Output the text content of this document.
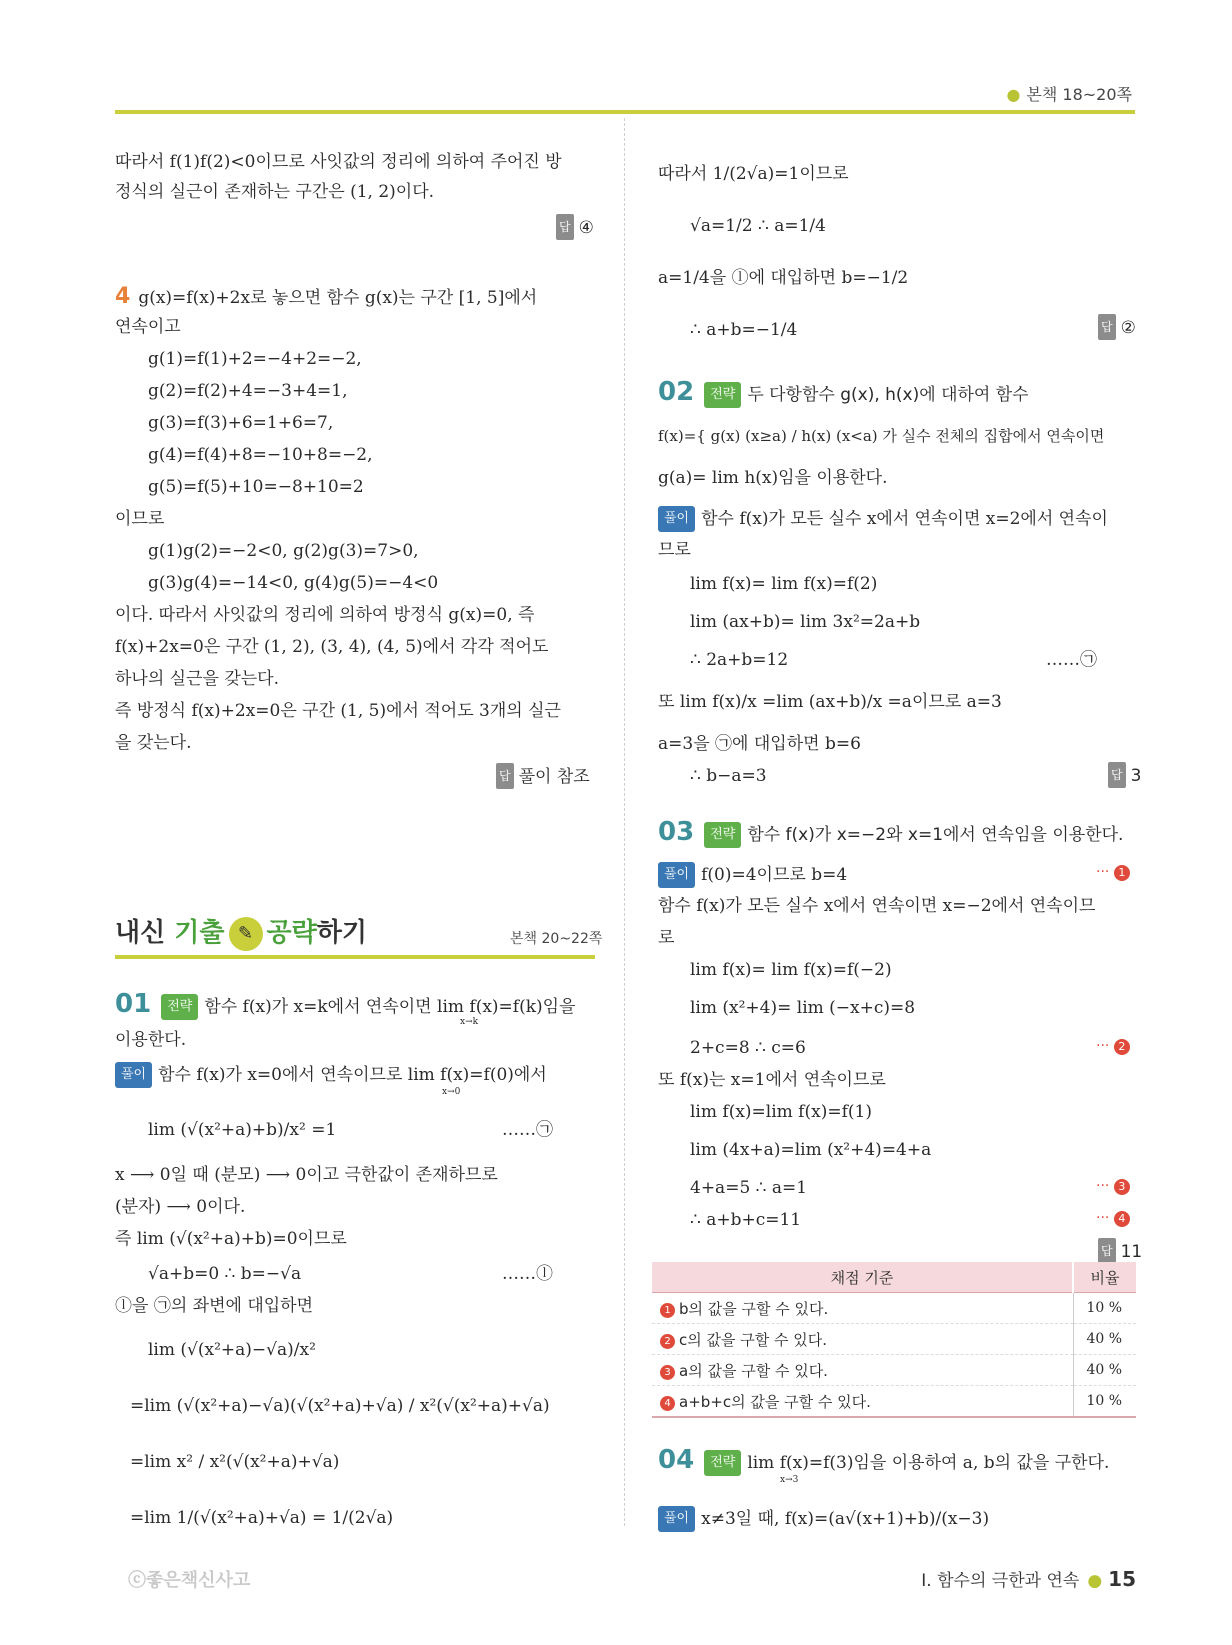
● 본책 18~20쪽
따라서 f(1)f(2)<0이므로 사잇값의 정리에 의하여 주어진 방
정식의 실근이 존재하는 구간은 (1, 2)이다.
답 ④
4 g(x)=f(x)+2x로 놓으면 함수 g(x)는 구간 [1, 5]에서
연속이고
g(1)=f(1)+2=−4+2=−2,
g(2)=f(2)+4=−3+4=1,
g(3)=f(3)+6=1+6=7,
g(4)=f(4)+8=−10+8=−2,
g(5)=f(5)+10=−8+10=2
이므로
g(1)g(2)=−2<0, g(2)g(3)=7>0,
g(3)g(4)=−14<0, g(4)g(5)=−4<0
이다. 따라서 사잇값의 정리에 의하여 방정식 g(x)=0, 즉
f(x)+2x=0은 구간 (1, 2), (3, 4), (4, 5)에서 각각 적어도
하나의 실근을 갖는다.
즉 방정식 f(x)+2x=0은 구간 (1, 5)에서 적어도 3개의 실근
을 갖는다.
답 풀이 참조
내신 기출 ✎ 공략하기	본책 20~22쪽
01 전략 함수 f(x)가 x=k에서 연속이면 lim f(x)=f(k)임을
x→k
이용한다.
풀이 함수 f(x)가 x=0에서 연속이므로 lim f(x)=f(0)에서
x→0
lim (√(x²+a)+b)/x² =1	……㉠
x ⟶ 0일 때 (분모) ⟶ 0이고 극한값이 존재하므로
(분자) ⟶ 0이다.
즉 lim (√(x²+a)+b)=0이므로
√a+b=0 ∴ b=−√a	……ⓛ
ⓛ을 ㉠의 좌변에 대입하면
lim (√(x²+a)−√a)/x²
=lim (√(x²+a)−√a)(√(x²+a)+√a) / x²(√(x²+a)+√a)
=lim x² / x²(√(x²+a)+√a)
=lim 1/(√(x²+a)+√a) = 1/(2√a)
따라서 1/(2√a)=1이므로
√a=1/2 ∴ a=1/4
a=1/4을 ⓛ에 대입하면 b=−1/2
∴ a+b=−1/4	답 ②
02 전략 두 다항함수 g(x), h(x)에 대하여 함수
f(x)={ g(x) (x≥a) / h(x) (x<a) 가 실수 전체의 집합에서 연속이면
g(a)= lim h(x)임을 이용한다.
풀이 함수 f(x)가 모든 실수 x에서 연속이면 x=2에서 연속이
므로
lim f(x)= lim f(x)=f(2)
lim (ax+b)= lim 3x²=2a+b
∴ 2a+b=12	……㉠
또 lim f(x)/x =lim (ax+b)/x =a이므로 a=3
a=3을 ㉠에 대입하면 b=6
∴ b−a=3	답 3
03 전략 함수 f(x)가 x=−2와 x=1에서 연속임을 이용한다.
풀이 f(0)=4이므로 b=4	··· 1
함수 f(x)가 모든 실수 x에서 연속이면 x=−2에서 연속이므
로
lim f(x)= lim f(x)=f(−2)
lim (x²+4)= lim (−x+c)=8
2+c=8 ∴ c=6	··· 2
또 f(x)는 x=1에서 연속이므로
lim f(x)=lim f(x)=f(1)
lim (4x+a)=lim (x²+4)=4+a
4+a=5 ∴ a=1	··· 3
∴ a+b+c=11	··· 4
답 11
채점 기준	비율
1 b의 값을 구할 수 있다.	10 %
2 c의 값을 구할 수 있다.	40 %
3 a의 값을 구할 수 있다.	40 %
4 a+b+c의 값을 구할 수 있다.	10 %
04 전략 lim f(x)=f(3)임을 이용하여 a, b의 값을 구한다.
x→3
풀이 x≠3일 때, f(x)=(a√(x+1)+b)/(x−3)
ⓒ좋은책신사고	Ⅰ. 함수의 극한과 연속 ● 15
